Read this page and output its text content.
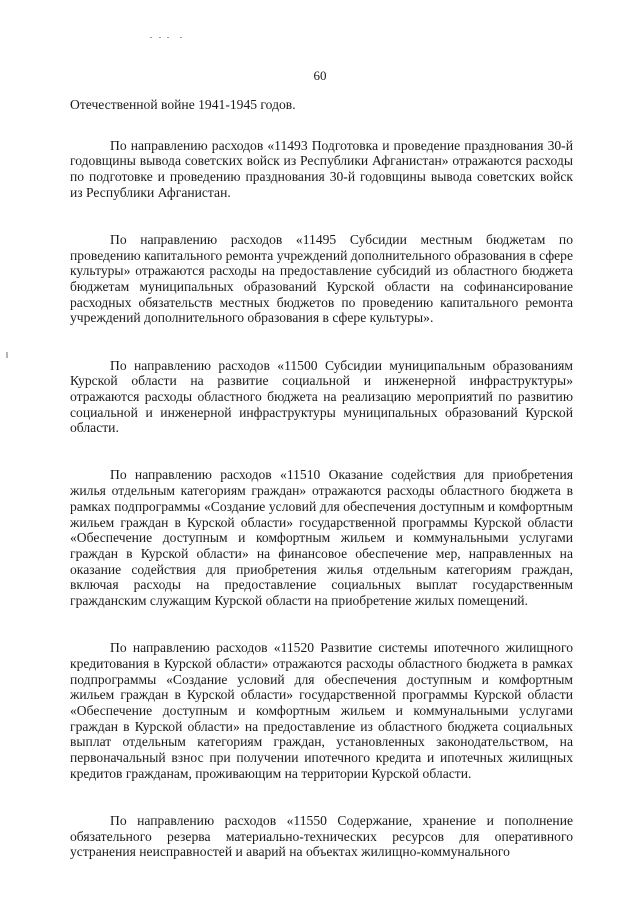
60

Отечественной войне 1941-1945 годов.

По направлению расходов «11493 Подготовка и проведение празднования 30-й годовщины вывода советских войск из Республики Афганистан» отражаются расходы по подготовке и проведению празднования 30-й годовщины вывода советских войск из Республики Афганистан.

По направлению расходов «11495 Субсидии местным бюджетам по проведению капитального ремонта учреждений дополнительного образования в сфере культуры» отражаются расходы на предоставление субсидий из областного бюджета бюджетам муниципальных образований Курской области на софинансирование расходных обязательств местных бюджетов по проведению капитального ремонта учреждений дополнительного образования в сфере культуры».

По направлению расходов «11500 Субсидии муниципальным образованиям Курской области на развитие социальной и инженерной инфраструктуры» отражаются расходы областного бюджета на реализацию мероприятий по развитию социальной и инженерной инфраструктуры муниципальных образований Курской области.

По направлению расходов «11510 Оказание содействия для приобретения жилья отдельным категориям граждан» отражаются расходы областного бюджета в рамках подпрограммы «Создание условий для обеспечения доступным и комфортным жильем граждан в Курской области» государственной программы Курской области «Обеспечение доступным и комфортным жильем и коммунальными услугами граждан в Курской области» на финансовое обеспечение мер, направленных на оказание содействия для приобретения жилья отдельным категориям граждан, включая расходы на предоставление социальных выплат государственным гражданским служащим Курской области на приобретение жилых помещений.

По направлению расходов «11520 Развитие системы ипотечного жилищного кредитования в Курской области» отражаются расходы областного бюджета в рамках подпрограммы «Создание условий для обеспечения доступным и комфортным жильем граждан в Курской области» государственной программы Курской области «Обеспечение доступным и комфортным жильем и коммунальными услугами граждан в Курской области» на предоставление из областного бюджета социальных выплат отдельным категориям граждан, установленных законодательством, на первоначальный взнос при получении ипотечного кредита и ипотечных жилищных кредитов гражданам, проживающим на территории Курской области.

По направлению расходов «11550 Содержание, хранение и пополнение обязательного резерва материально-технических ресурсов для оперативного устранения неисправностей и аварий на объектах жилищно-коммунального
